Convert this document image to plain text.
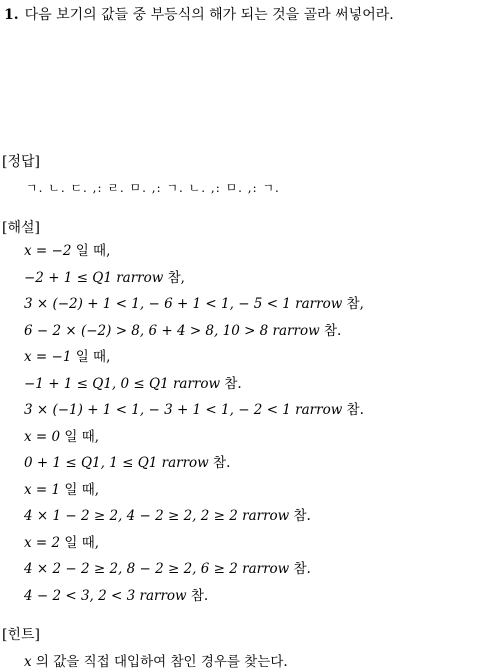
1. 다음 보기의 값들 중 부등식의 해가 되는 것을 골라 써넣어라.
[정답]
ㄱ. ㄴ. ㄷ. ,: ㄹ. ㅁ. ,: ㄱ. ㄴ. ,: ㅁ. ,: ㄱ.
[해설]
x = −2 일 때,
−2 + 1 ≤ Q1 rarrow 참,
3 × (−2) + 1 < 1, − 6 + 1 < 1, − 5 < 1 rarrow 참,
6 − 2 × (−2) > 8, 6 + 4 > 8, 10 > 8 rarrow 참.
x = −1 일 때,
−1 + 1 ≤ Q1, 0 ≤ Q1 rarrow 참.
3 × (−1) + 1 < 1, − 3 + 1 < 1, − 2 < 1 rarrow 참.
x = 0 일 때,
0 + 1 ≤ Q1, 1 ≤ Q1 rarrow 참.
x = 1 일 때,
4 × 1 − 2 ≥ 2, 4 − 2 ≥ 2, 2 ≥ 2 rarrow 참.
x = 2 일 때,
4 × 2 − 2 ≥ 2, 8 − 2 ≥ 2, 6 ≥ 2 rarrow 참.
4 − 2 < 3, 2 < 3 rarrow 참.
[힌트]
x 의 값을 직접 대입하여 참인 경우를 찾는다.
